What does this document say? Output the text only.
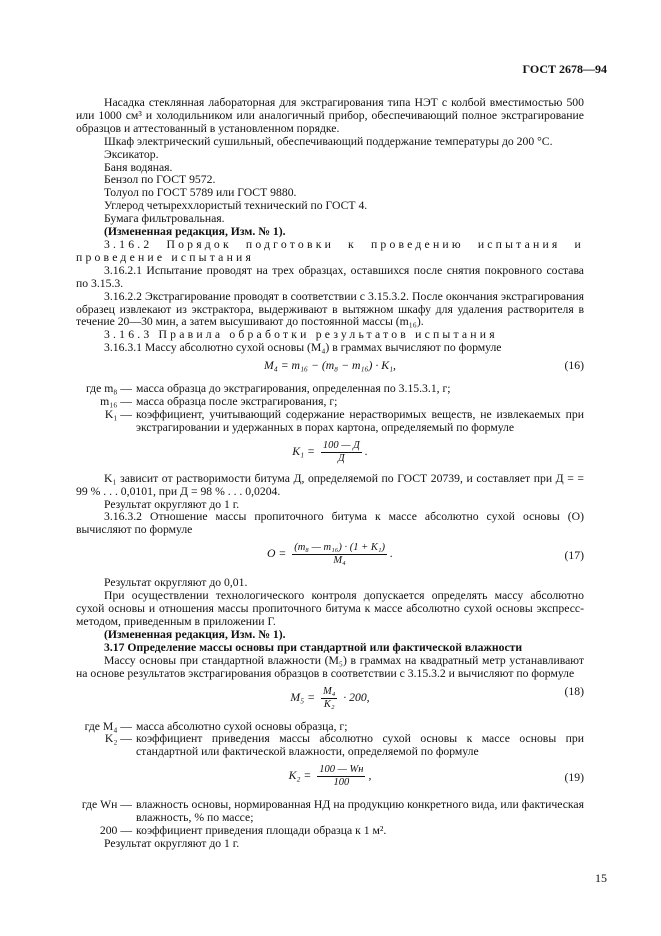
ГОСТ 2678—94

Насадка стеклянная лабораторная для экстрагирования типа НЭТ с колбой вместимостью 500 или 1000 см³ и холодильником или аналогичный прибор, обеспечивающий полное экстрагирование образцов и аттестованный в установленном порядке.

Шкаф электрический сушильный, обеспечивающий поддержание температуры до 200 °С.

Эксикатор.

Баня водяная.

Бензол по ГОСТ 9572.

Толуол по ГОСТ 5789 или ГОСТ 9880.

Углерод четыреххлористый технический по ГОСТ 4.

Бумага фильтровальная.

(Измененная редакция, Изм. № 1).

3.16.2 Порядок подготовки к проведению испытания и проведение испытания

3.16.2.1 Испытание проводят на трех образцах, оставшихся после снятия покровного состава по 3.15.3.

3.16.2.2 Экстрагирование проводят в соответствии с 3.15.3.2. После окончания экстрагирования образец извлекают из экстрактора, выдерживают в вытяжном шкафу для удаления растворителя в течение 20—30 мин, а затем высушивают до постоянной массы (m₁₆).

3.16.3 Правила обработки результатов испытания

3.16.3.1 Массу абсолютно сухой основы (M₄) в граммах вычисляют по формуле

M₄ = m₁₆ − (m₈ − m₁₆) · K₁,	(16)
где m₈ — масса образца до экстрагирования, определенная по 3.15.3.1, г;
m₁₆ — масса образца после экстрагирования, г;
K₁ — коэффициент, учитывающий содержание нерастворимых веществ, не извлекаемых при экстрагировании и удержанных в порах картона, определяемый по формуле
$K_1 = \frac{100 — Д}{Д}$ .

K₁ зависит от растворимости битума Д, определяемой по ГОСТ 20739, и составляет при Д = = 99 % . . . 0,0101, при Д = 98 % . . . 0,0204.

Результат округляют до 1 г.

3.16.3.2 Отношение массы пропиточного битума к массе абсолютно сухой основы (О) вычисляют по формуле

$О = \frac{\text{(m₈ — m₁₆) · (1 + K₁)}}{\text{M₄}}$ .	(17)

Результат округляют до 0,01.

При осуществлении технологического контроля допускается определять массу абсолютно сухой основы и отношения массы пропиточного битума к массе абсолютно сухой основы экспресс-методом, приведенным в приложении Г.

(Измененная редакция, Изм. № 1).

3.17 Определение массы основы при стандартной или фактической влажности

Массу основы при стандартной влажности (M₅) в граммах на квадратный метр устанавливают на основе результатов экстрагирования образцов в соответствии с 3.15.3.2 и вычисляют по формуле

$M_5 = \frac{\text{M₄}}{\text{K₂}} \cdot 200$,	(18)
где M₄ — масса абсолютно сухой основы образца, г;
K₂ — коэффициент приведения массы абсолютно сухой основы к массе основы при стандартной или фактической влажности, определяемой по формуле
$K_2 = \frac{100 — Wн}{100}$ ,	(19)
где Wн — влажность основы, нормированная НД на продукцию конкретного вида, или фактическая влажность, % по массе;
200 — коэффициент приведения площади образца к 1 м².

Результат округляют до 1 г.

15
